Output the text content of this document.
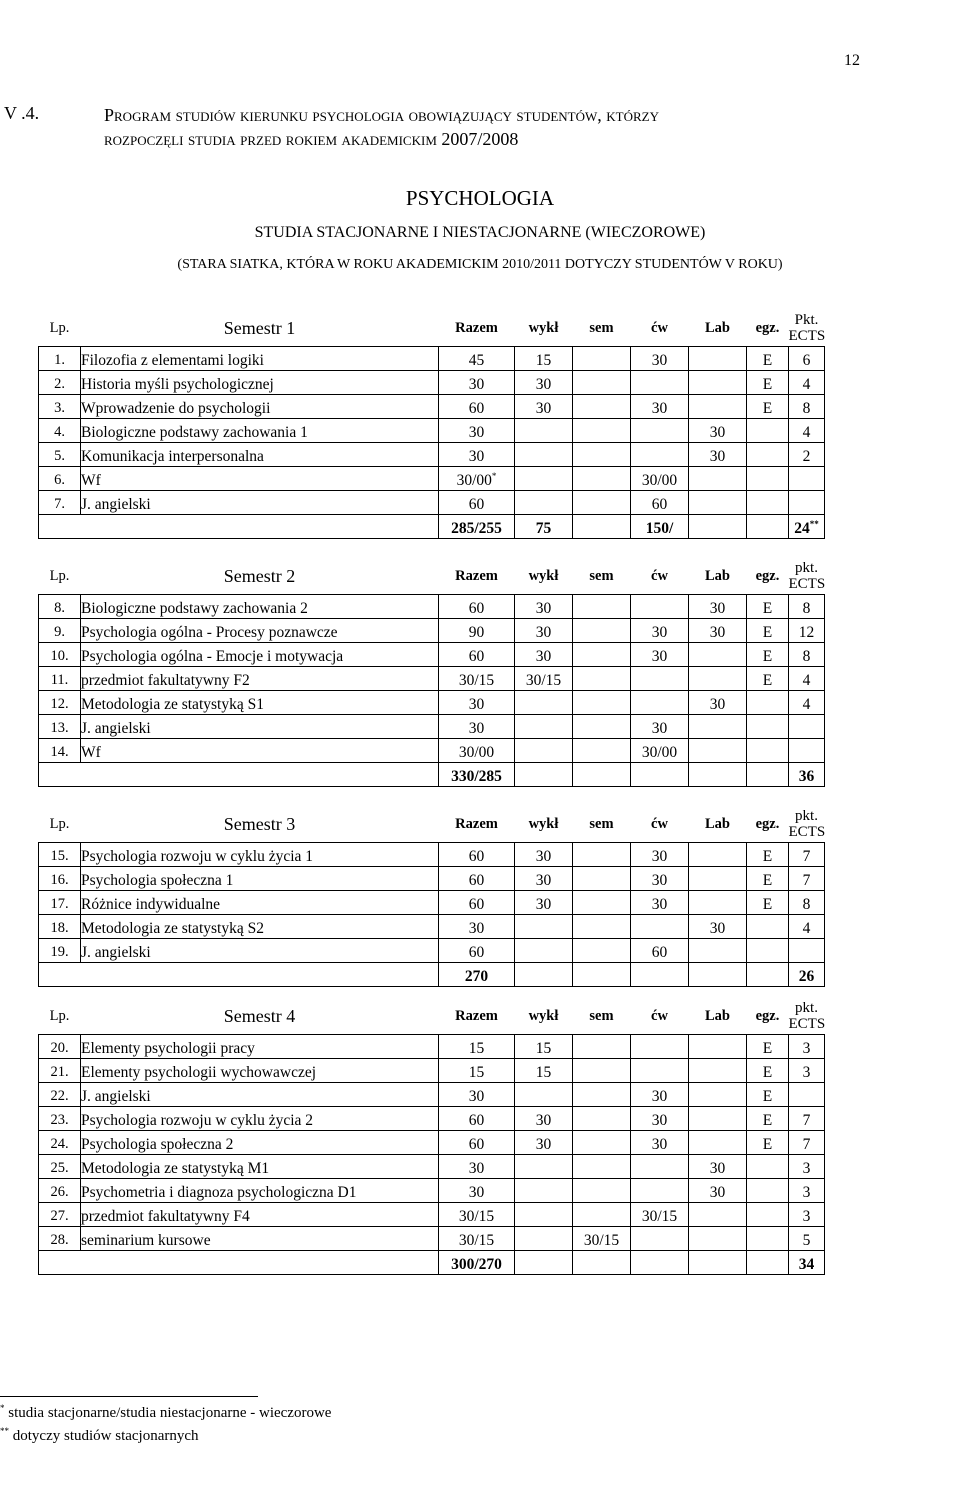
12
V .4.	Program studiów kierunku psychologia obowiązujący studentów, którzy
rozpoczęli studia przed rokiem akademickim 2007/2008
PSYCHOLOGIA
STUDIA STACJONARNE I NIESTACJONARNE (WIECZOROWE)
(STARA SIATKA, KTÓRA W ROKU AKADEMICKIM 2010/2011 DOTYCZY STUDENTÓW V ROKU)
Lp.	Semestr 1	Razem	wykł	sem	ćw	Lab	egz.	Pkt.
ECTS

1.	Filozofia z elementami logiki	45	15		30		E	6
2.	Historia myśli psychologicznej	30	30				E	4
3.	Wprowadzenie do psychologii	60	30		30		E	8
4.	Biologiczne podstawy zachowania 1	30				30		4
5.	Komunikacja interpersonalna	30				30		2
6.	Wf	30/00*			30/00			
7.	J. angielski	60			60			
		285/255	75		150/			24**
Lp.	Semestr 2	Razem	wykł	sem	ćw	Lab	egz.	pkt.
ECTS

8.	Biologiczne podstawy zachowania 2	60	30			30	E	8
9.	Psychologia ogólna - Procesy poznawcze	90	30		30	30	E	12
10.	Psychologia ogólna - Emocje i motywacja	60	30		30		E	8
11.	przedmiot fakultatywny F2	30/15	30/15				E	4
12.	Metodologia ze statystyką S1	30				30		4
13.	J. angielski	30			30			
14.	Wf	30/00			30/00			
		330/285						36
Lp.	Semestr 3	Razem	wykł	sem	ćw	Lab	egz.	pkt.
ECTS

15.	Psychologia rozwoju w cyklu życia 1	60	30		30		E	7
16.	Psychologia społeczna 1	60	30		30		E	7
17.	Różnice indywidualne	60	30		30		E	8
18.	Metodologia ze statystyką S2	30				30		4
19.	J. angielski	60			60			
		270						26
Lp.	Semestr 4	Razem	wykł	sem	ćw	Lab	egz.	pkt.
ECTS

20.	Elementy psychologii pracy	15	15				E	3
21.	Elementy psychologii wychowawczej	15	15				E	3
22.	J. angielski	30			30		E	
23.	Psychologia rozwoju w cyklu życia 2	60	30		30		E	7
24.	Psychologia społeczna 2	60	30		30		E	7
25.	Metodologia ze statystyką M1	30				30		3
26.	Psychometria i diagnoza psychologiczna D1	30				30		3
27.	przedmiot fakultatywny F4	30/15			30/15			3
28.	seminarium kursowe	30/15		30/15				5
		300/270						34
* studia stacjonarne/studia niestacjonarne - wieczorowe
** dotyczy studiów stacjonarnych
